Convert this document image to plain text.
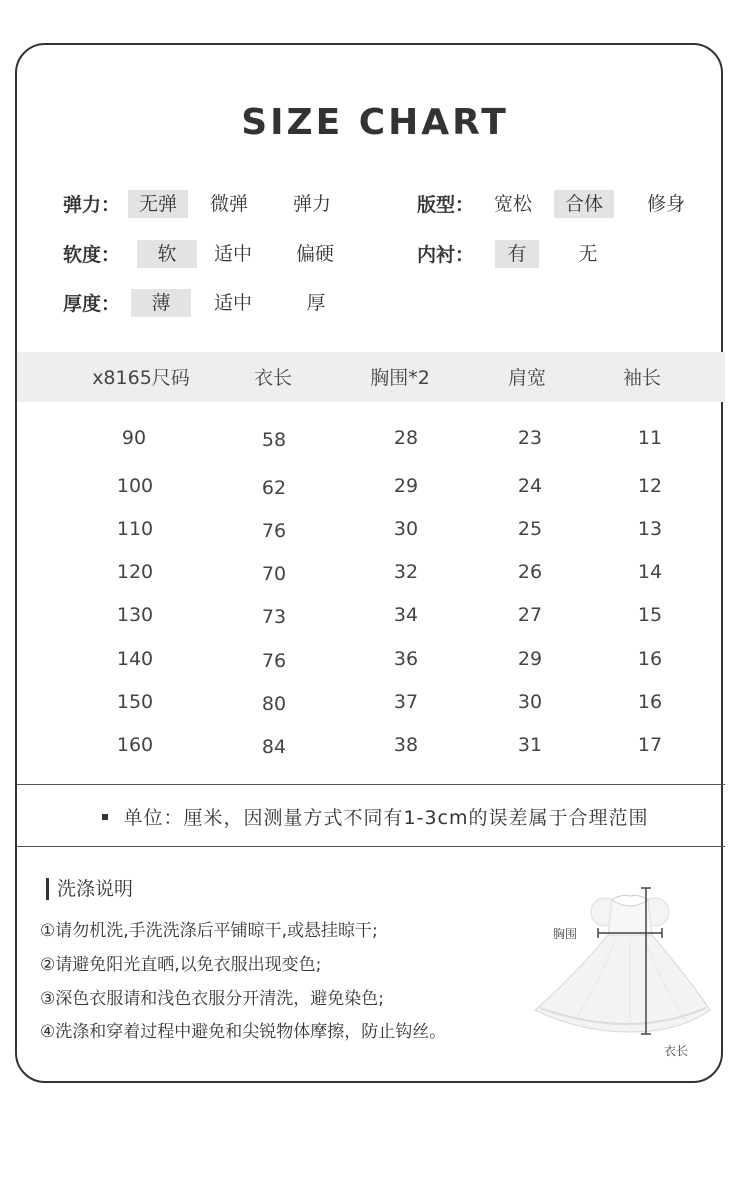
SIZE CHART
弹力： 无弹	微弹	弹力	版型：	宽松	合体	修身
软度：	软	适中	偏硬	内衬：	有	无
厚度：	薄	适中	厚
x8165尺码	衣长	胸围*2	肩宽	袖长
90	58	28	23	11
100	62	29	24	12
110	76	30	25	13
120	70	32	26	14
130	73	34	27	15
140	76	36	29	16
150	80	37	30	16
160	84	38	31	17
单位：厘米，因测量方式不同有1-3cm的误差属于合理范围
洗涤说明
①请勿机洗,手洗洗涤后平铺晾干,或悬挂晾干;
②请避免阳光直晒,以免衣服出现变色;
③深色衣服请和浅色衣服分开清洗，避免染色;
④洗涤和穿着过程中避免和尖锐物体摩擦，防止钩丝。
胸围
衣长
